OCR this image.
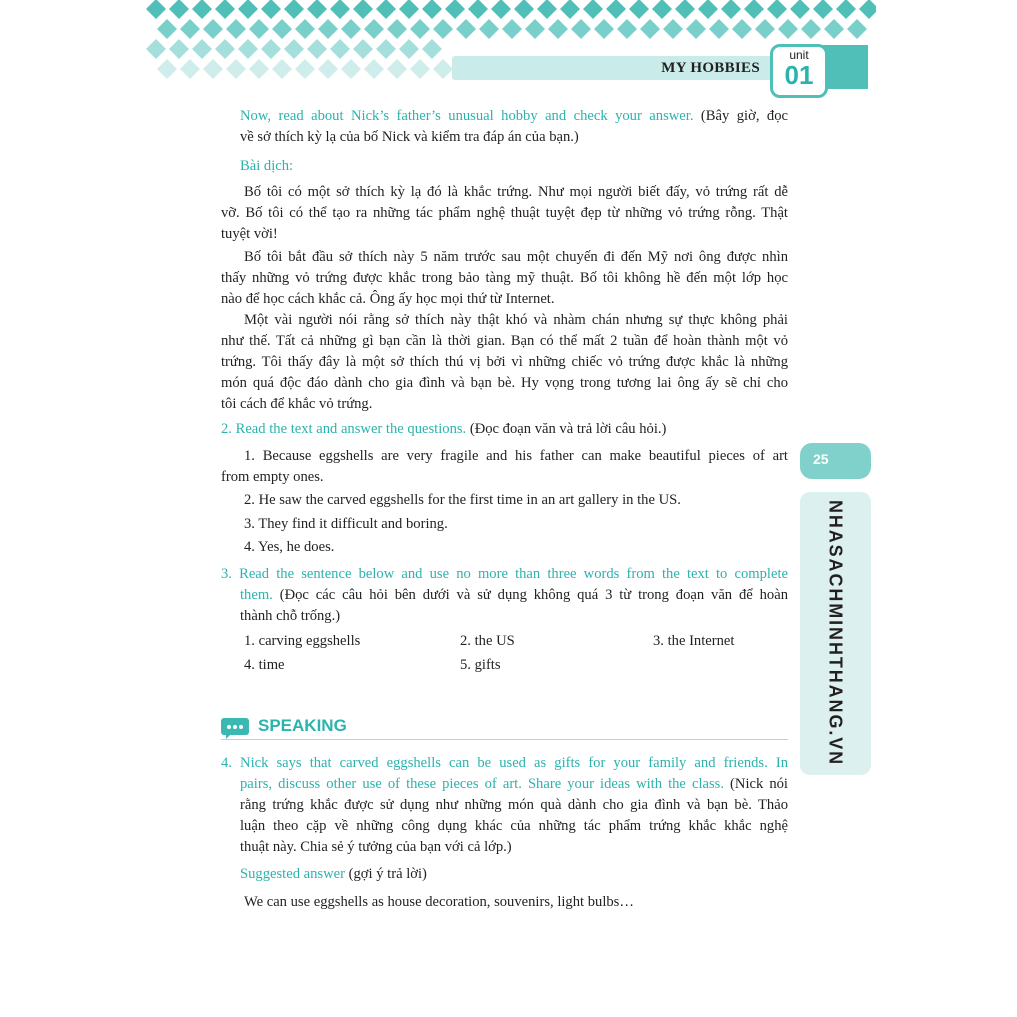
MY HOBBIES
unit
01
25
NHASACHMINHTHANG.VN
Now, read about Nick’s father’s unusual hobby and check your answer. (Bây giờ, đọc
về sở thích kỳ lạ của bố Nick và kiểm tra đáp án của bạn.)
Bài dịch:
Bố tôi có một sở thích kỳ lạ đó là khắc trứng. Như mọi người biết đấy, vỏ trứng rất dễ
vỡ. Bố tôi có thể tạo ra những tác phẩm nghệ thuật tuyệt đẹp từ những vỏ trứng rỗng. Thật
tuyệt vời!
Bố tôi bắt đầu sở thích này 5 năm trước sau một chuyến đi đến Mỹ nơi ông được nhìn
thấy những vỏ trứng được khắc trong bảo tàng mỹ thuật. Bố tôi không hề đến một lớp học
nào để học cách khắc cả. Ông ấy học mọi thứ từ Internet.
Một vài người nói rằng sở thích này thật khó và nhàm chán nhưng sự thực không phải
như thế. Tất cả những gì bạn cần là thời gian. Bạn có thể mất 2 tuần để hoàn thành một vỏ
trứng. Tôi thấy đây là một sở thích thú vị bởi vì những chiếc vỏ trứng được khắc là những
món quá độc đáo dành cho gia đình và bạn bè. Hy vọng trong tương lai ông ấy sẽ chỉ cho
tôi cách để khắc vỏ trứng.
2. Read the text and answer the questions. (Đọc đoạn văn và trả lời câu hỏi.)
1. Because eggshells are very fragile and his father can make beautiful pieces of art
from empty ones.
2. He saw the carved eggshells for the first time in an art gallery in the US.
3. They find it difficult and boring.
4. Yes, he does.
3. Read the sentence below and use no more than three words from the text to complete
them. (Đọc các câu hỏi bên dưới và sử dụng không quá 3 từ trong đoạn văn để hoàn
thành chỗ trống.)
1. carving eggshells	2. the US	3. the Internet
4. time	5. gifts
SPEAKING
4. Nick says that carved eggshells can be used as gifts for your family and friends. In
pairs, discuss other use of these pieces of art. Share your ideas with the class. (Nick nói
rằng trứng khắc được sử dụng như những món quà dành cho gia đình và bạn bè. Thảo
luận theo cặp về những công dụng khác của những tác phẩm trứng khắc khắc nghệ
thuật này. Chia sẻ ý tưởng của bạn với cả lớp.)
Suggested answer (gợi ý trả lời)
We can use eggshells as house decoration, souvenirs, light bulbs…
